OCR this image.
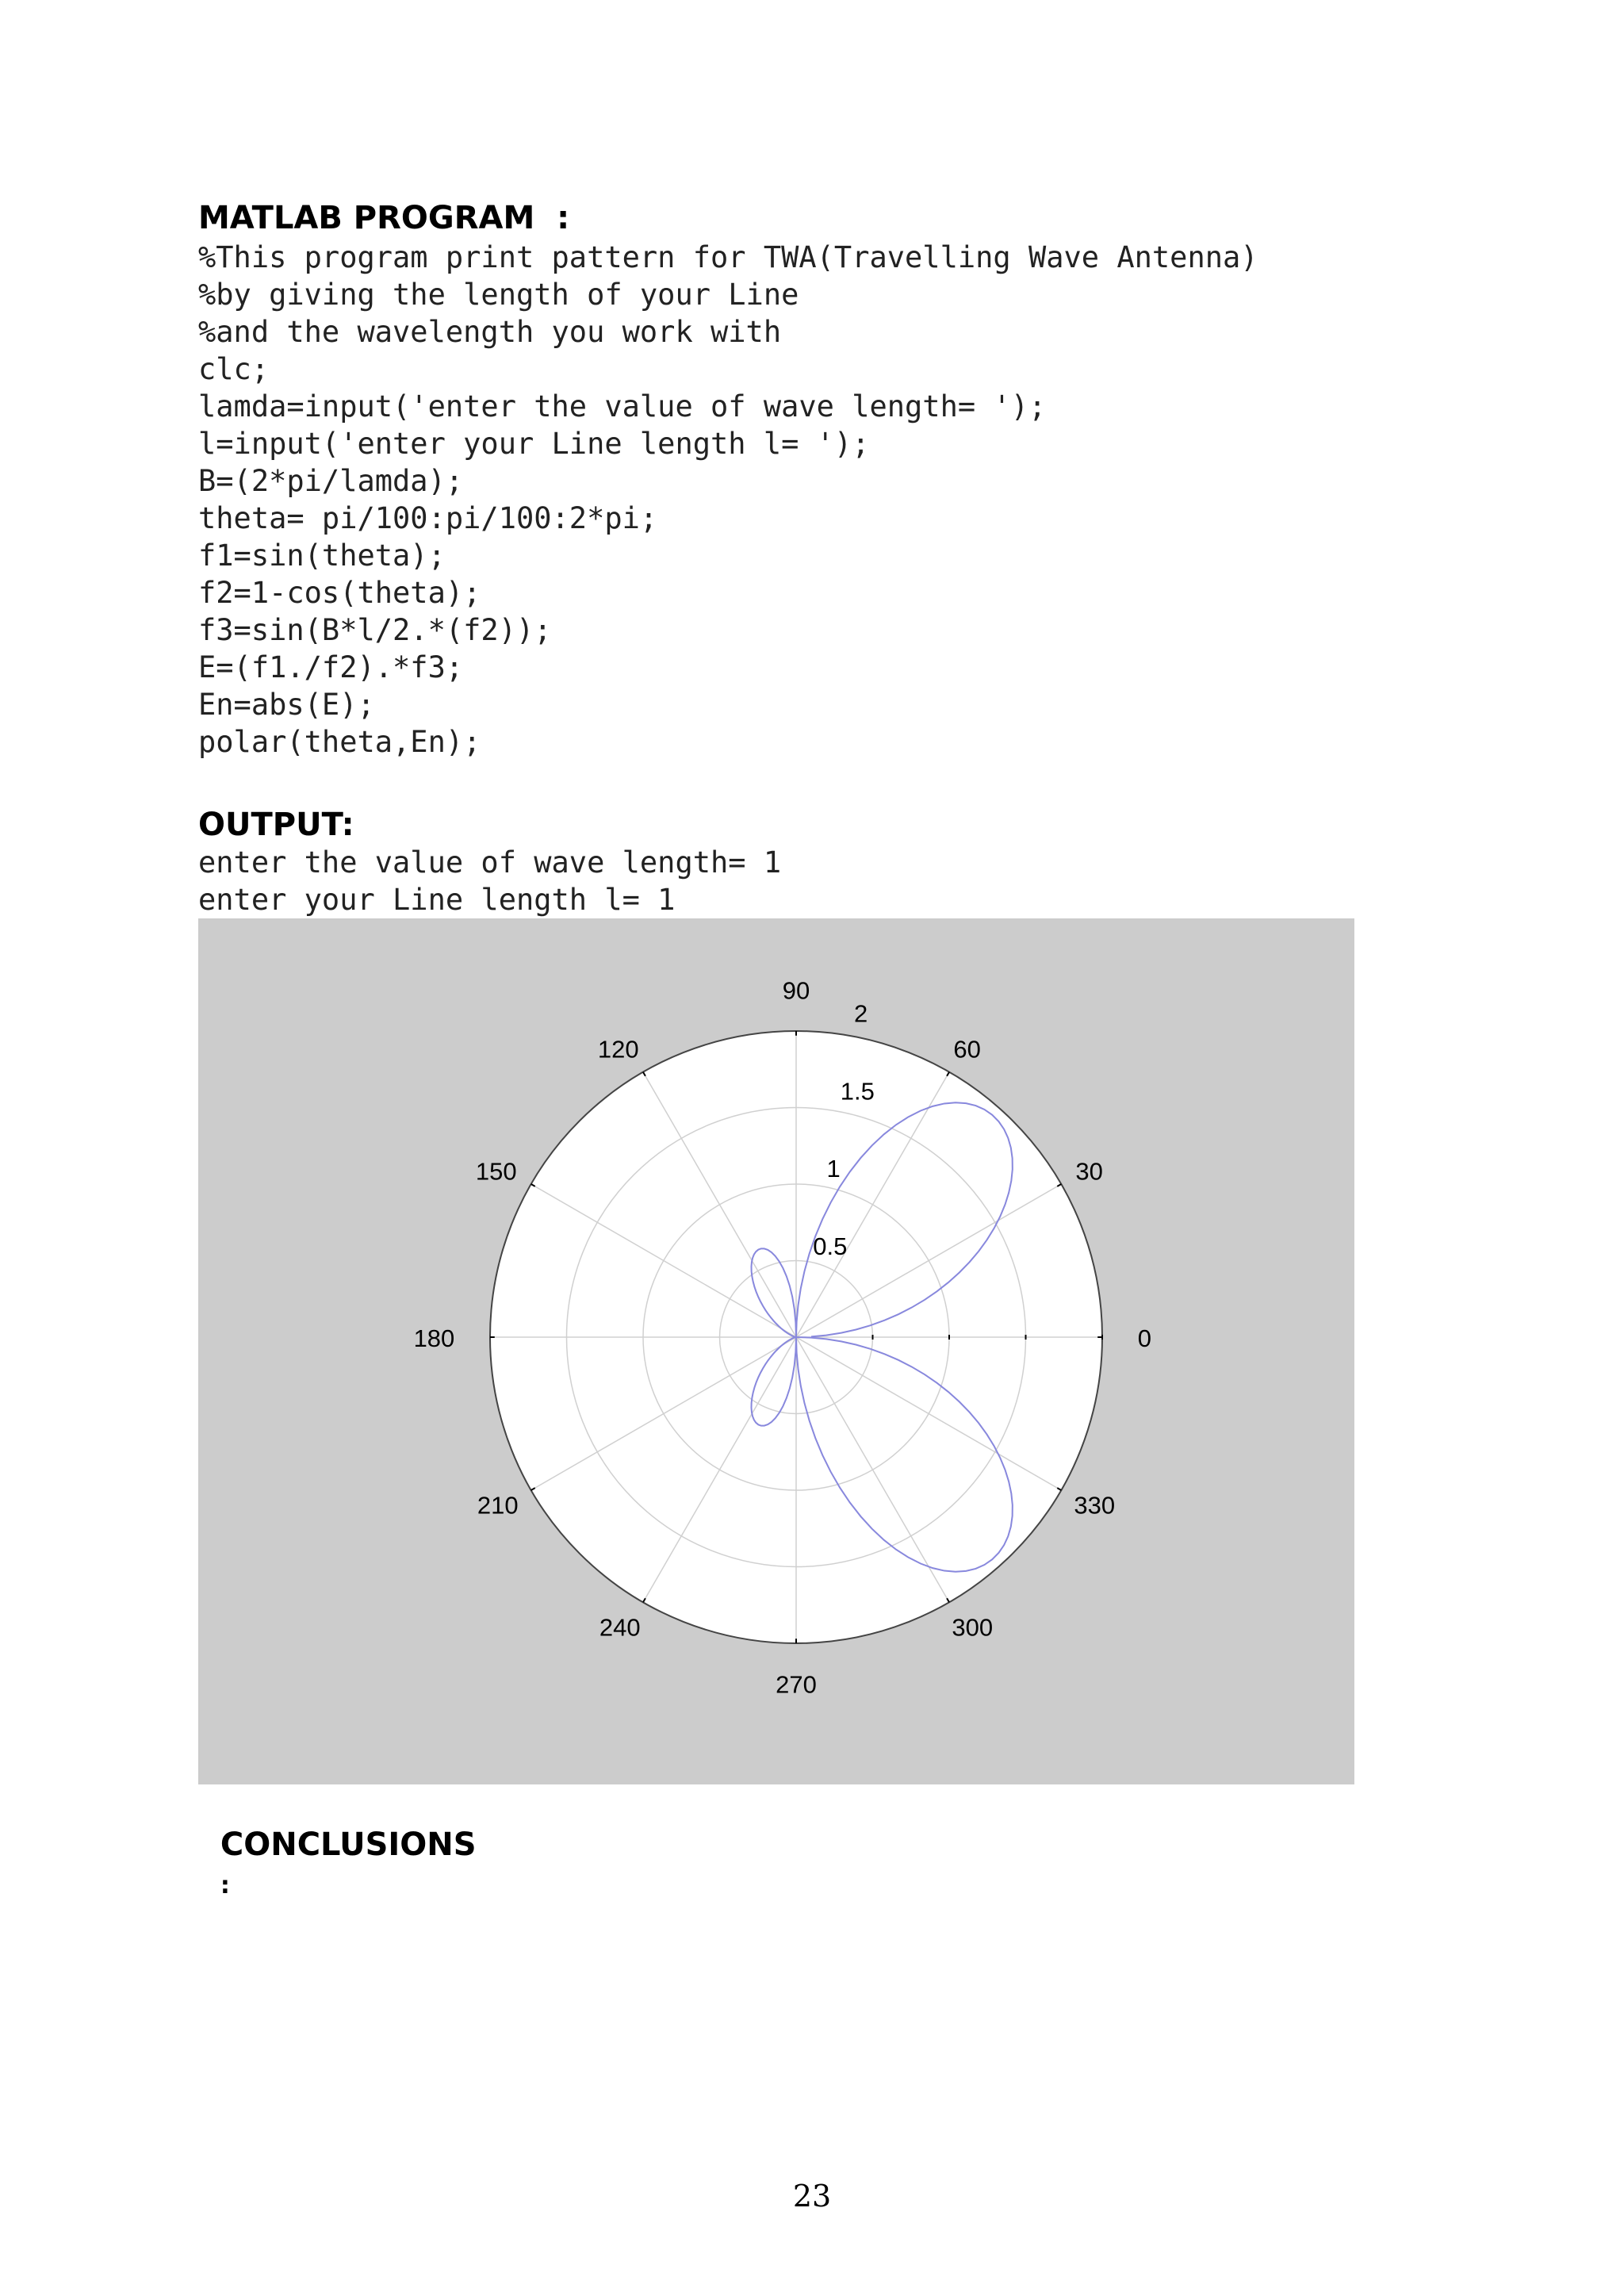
MATLAB PROGRAM  :
%This program print pattern for TWA(Travelling Wave Antenna)
%by giving the length of your Line
%and the wavelength you work with
clc;
lamda=input('enter the value of wave length= ');
l=input('enter your Line length l= ');
B=(2*pi/lamda);
theta= pi/100:pi/100:2*pi;
f1=sin(theta);
f2=1-cos(theta);
f3=sin(B*l/2.*(f2));
E=(f1./f2).*f3;
En=abs(E);
polar(theta,En);
OUTPUT:
enter the value of wave length= 1
enter your Line length l= 1
0
30
60
90
120
150
180
210
240
270
300
330
0.5
1
1.5
2

CONCLUSIONS
:

23
